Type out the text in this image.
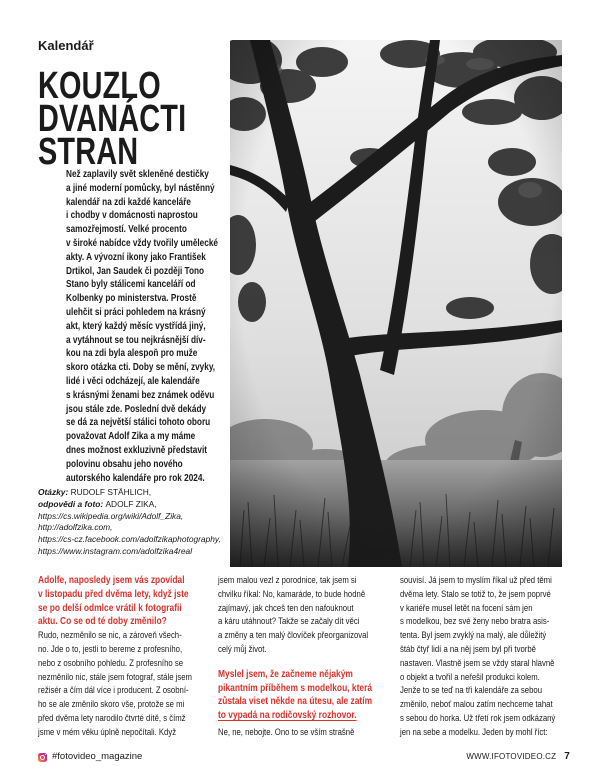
Kalendář
KOUZLO
DVANÁCTI
STRAN
Než zaplavily svět skleněné destičky
a jiné moderní pomůcky, byl nástěnný
kalendář na zdi každé kanceláře
i chodby v domácnosti naprostou
samozřejmostí. Velké procento
v široké nabídce vždy tvořily umělecké
akty. A vývozní ikony jako František
Drtikol, Jan Saudek či později Tono
Stano byly stálicemi kanceláří od
Kolbenky po ministerstva. Prostě
ulehčit si práci pohledem na krásný
akt, který každý měsíc vystřídá jiný,
a vytáhnout se tou nejkrásnější dív-
kou na zdi byla alespoň pro muže
skoro otázka cti. Doby se mění, zvyky,
lidé i věci odcházejí, ale kalendáře
s krásnými ženami bez známek oděvu
jsou stále zde. Poslední dvě dekády
se dá za největší stálici tohoto oboru
považovat Adolf Zika a my máme
dnes možnost exkluzivně představit
polovinu obsahu jeho nového
autorského kalendáře pro rok 2024.
Otázky: RUDOLF STÄHLICH,
odpovědi a foto: ADOLF ZIKA,
https://cs.wikipedia.org/wiki/Adolf_Zika,
http://adolfzika.com,
https://cs-cz.facebook.com/adolfzikaphotography,
https://www.instagram.com/adolfzika4real
Adolfe, naposledy jsem vás zpovídal
v listopadu před dvěma lety, když jste
se po delší odmlce vrátil k fotografii
aktu. Co se od té doby změnilo?
Rudo, nezměnilo se nic, a zároveň všech-
no. Jde o to, jestli to bereme z profesního,
nebo z osobního pohledu. Z profesního se
nezměnilo nic, stále jsem fotograf, stále jsem
režisér a čím dál více i producent. Z osobní-
ho se ale změnilo skoro vše, protože se mi
před dvěma lety narodilo čtvrté dítě, s čímž
jsme v mém věku úplně nepočítali. Když
jsem malou vezl z porodnice, tak jsem si
chvilku říkal: No, kamaráde, to bude hodně
zajímavý, jak chceš ten den nafouknout
a káru utáhnout? Takže se začaly dít věci
a změny a ten malý človíček přeorganizoval
celý můj život.
Myslel jsem, že začneme nějakým
pikantním příběhem s modelkou, která
zůstala viset někde na útesu, ale zatím
to vypadá na rodičovský rozhovor.
Ne, ne, nebojte. Ono to se vším strašně
souvisí. Já jsem to myslím říkal už před těmi
dvěma lety. Stalo se totiž to, že jsem poprvé
v kariéře musel letět na focení sám jen
s modelkou, bez své ženy nebo bratra asis-
tenta. Byl jsem zvyklý na malý, ale důležitý
štáb čtyř lidí a na něj jsem byl při tvorbě
nastaven. Vlastně jsem se vždy staral hlavně
o objekt a tvořil a neřešil produkci kolem.
Jenže to se teď na tři kalendáře za sebou
změnilo, neboť malou zatím nechceme tahat
s sebou do horka. Už třetí rok jsem odkázaný
jen na sebe a modelku. Jeden by mohl říct:
#fotovideo_magazine	WWW.IFOTOVIDEO.CZ 7
